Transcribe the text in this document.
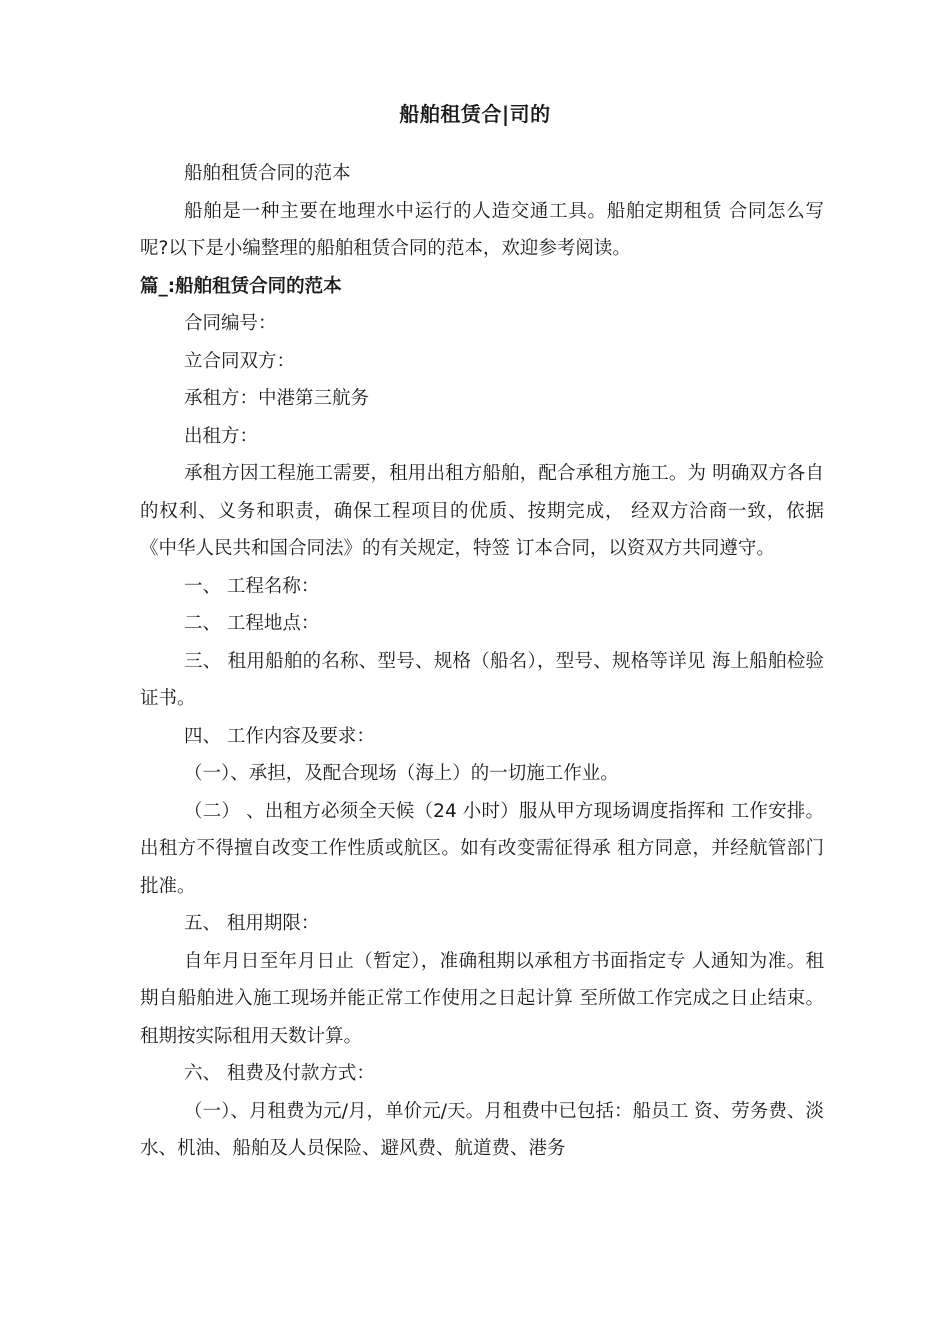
船舶租赁合|司的

船舶租赁合同的范本

船舶是一种主要在地理水中运行的人造交通工具。船舶定期租赁 合同怎么写呢?以下是小编整理的船舶租赁合同的范本，欢迎参考阅读。

篇_:船舶租赁合同的范本

合同编号：

立合同双方：

承租方：中港第三航务

出租方：

承租方因工程施工需要，租用出租方船舶，配合承租方施工。为 明确双方各自的权利、义务和职责，确保工程项目的优质、按期完成， 经双方洽商一致，依据《中华人民共和国合同法》的有关规定，特签 订本合同，以资双方共同遵守。

一、 工程名称：

二、 工程地点：

三、 租用船舶的名称、型号、规格（船名），型号、规格等详见 海上船舶检验证书。

四、 工作内容及要求：

（一）、承担，及配合现场（海上）的一切施工作业。

（二） 、出租方必须全天候（24 小时）服从甲方现场调度指挥和 工作安排。出租方不得擅自改变工作性质或航区。如有改变需征得承 租方同意，并经航管部门批准。

五、 租用期限：

自年月日至年月日止（暂定），准确租期以承租方书面指定专 人通知为准。租期自船舶进入施工现场并能正常工作使用之日起计算 至所做工作完成之日止结束。租期按实际租用天数计算。

六、 租费及付款方式：

（一）、月租费为元/月，单价元/天。月租费中已包括：船员工 资、劳务费、淡水、机油、船舶及人员保险、避风费、航道费、港务
